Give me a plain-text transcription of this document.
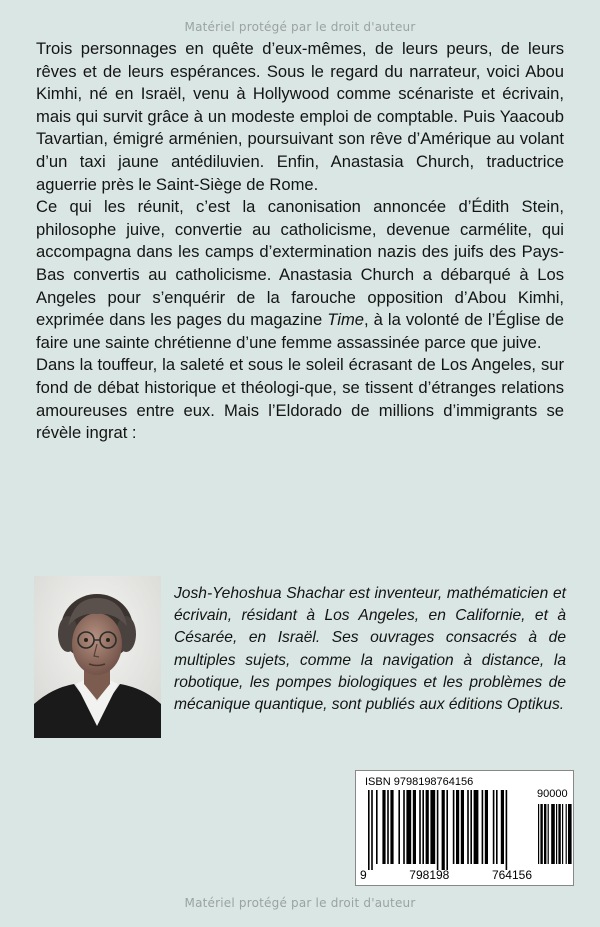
Matériel protégé par le droit d'auteur

Trois personnages en quête d’eux-mêmes, de leurs peurs, de leurs rêves et de leurs espérances. Sous le regard du narrateur, voici Abou Kimhi, né en Israël, venu à Hollywood comme scénariste et écrivain, mais qui survit grâce à un modeste emploi de comptable. Puis Yaacoub Tavartian, émigré arménien, poursuivant son rêve d’Amérique au volant d’un taxi jaune antédiluvien. Enfin, Anastasia Church, traductrice aguerrie près le Saint-Siège de Rome.

Ce qui les réunit, c’est la canonisation annoncée d’Édith Stein, philosophe juive, convertie au catholicisme, devenue carmélite, qui accompagna dans les camps d’extermination nazis des juifs des Pays-Bas convertis au catholicisme. Anastasia Church a débarqué à Los Angeles pour s’enquérir de la farouche opposition d’Abou Kimhi, exprimée dans les pages du magazine Time, à la volonté de l’Église de faire une sainte chrétienne d’une femme assassinée parce que juive.

Dans la touffeur, la saleté et sous le soleil écrasant de Los Angeles, sur fond de débat historique et théologi-que, se tissent d’étranges relations amoureuses entre eux. Mais l’Eldorado de millions d’immigrants se révèle ingrat :

Josh-Yehoshua Shachar est inventeur, mathématicien et écrivain, résidant à Los Angeles, en Californie, et à Césarée, en Israël. Ses ouvrages consacrés à de multiples sujets, comme la navigation à distance, la robotique, les pompes biologiques et les problèmes de mécanique quantique, sont publiés aux éditions Optikus.
ISBN 9798198764156
90000
9	798198	764156
Matériel protégé par le droit d'auteur
